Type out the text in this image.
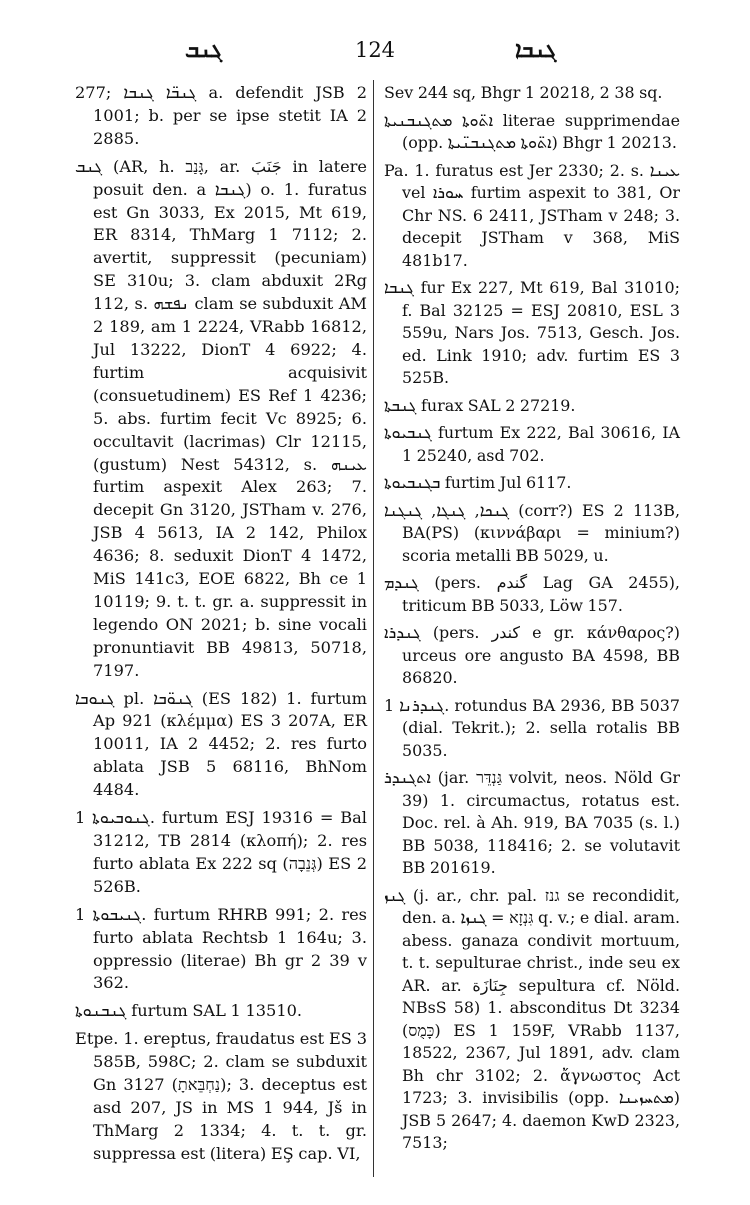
ܓܢܒ	124	ܓܢܒܐ

277; ܓܢܒ̈ܐ ܓܢܒܐ a. defendit JSB 2 1001; b. per se ipse stetit IA 2 2885.

ܓܢܒ (AR, h. גָּנַב, ar. جَنَبَ in latere posuit den. a ܓܢܒܐ) o. 1. furatus est Gn 3033, Ex 2015, Mt 619, ER 8314, ThMarg 1 7112; 2. avertit, suppressit (pecuniam) SE 310u; 3. clam abduxit 2Rg 112, s. ܢܦܫܗ clam se subduxit AM 2 189, am 1 2224, VRabb 16812, Jul 13222, DionT 4 6922; 4. furtim acquisivit (consuetudinem) ES Ref 1 4236; 5. abs. furtim fecit Vc 8925; 6. occultavit (lacrimas) Clr 12115, (gustum) Nest 54312, s. ܥܝܢܗ furtim aspexit Alex 263; 7. decepit Gn 3120, JSTham v. 276, JSB 4 5613, IA 2 142, Philox 4636; 8. seduxit DionT 4 1472, MiS 141c3, EOE 6822, Bh ce 1 10119; 9. t. t. gr. a. suppressit in legendo ON 2021; b. sine vocali pronuntiavit BB 49813, 50718, 7197.

ܓܢܘܒܐ pl. ܓܢܘ̈ܒܐ (ES 182) 1. furtum Ap 921 (κλέμμα) ES 3 207A, ER 10011, IA 2 4452; 2. res furto ablata JSB 5 68116, BhNom 4484.

ܓܢܘܒܝܘܬܐ 1. furtum ESJ 19316 = Bal 31212, TB 2814 (κλοπή); 2. res furto ablata Ex 222 sq (גְּנֵבָה) ES 2 526B.

ܓܢܝܒܘܬܐ 1. furtum RHRB 991; 2. res furto ablata Rechtsb 1 164u; 3. oppressio (literae) Bh gr 2 39 v 362.

ܓܢܒܢܘܬܐ furtum SAL 1 13510.

Etpe. 1. ereptus, fraudatus est ES 3 585B, 598C; 2. clam se subduxit Gn 3127 (נַחְבֵּאתָ); 3. deceptus est asd 207, JS in MS 1 944, Jš in ThMarg 2 1334; 4. t. t. gr. suppressa est (litera) EŞ cap. VI,

Sev 244 sq, Bhgr 1 20218, 2 38 sq.

ܐܬ̈ܘܬܐ ܡܬܓܢܒܢܝܬܐ literae supprimendae (opp. ܐܬ̈ܘܬܐ ܡܬܓܢܒܢ̈ܝܬܐ) Bhgr 1 20213.

Pa. 1. furatus est Jer 2330; 2. s. ܥܝܢܐ vel ܚܘܪܐ furtim aspexit to 381, Or Chr NS. 6 2411, JSTham v 248; 3. decepit JSTham v 368, MiS 481b17.

ܓܢܒܐ fur Ex 227, Mt 619, Bal 31010; f. Bal 32125 = ESJ 20810, ESL 3 559u, Nars Jos. 7513, Gesch. Jos. ed. Link 1910; adv. furtim ES 3 525B.

ܓܢܒܬܐ furax SAL 2 27219.

ܓܢܒܝܘܬܐ furtum Ex 222, Bal 30616, IA 1 25240, asd 702.

ܒܓܢܒܝܘܬܐ furtim Jul 6117.

ܓܢܟܐ, ܓܢܓܐ, ܓܢܓܢܐ (corr?) ES 2 113B, BA(PS) (κιννάβαρι = minium?) scoria metalli BB 5029, u.

ܓܢܕܡ (pers. گندم Lag GA 2455), triticum BB 5033, Löw 157.

ܓܢܕܪܐ (pers. کندر e gr. κάνθαρος?) urceus ore angusto BA 4598, BB 86820.

ܓܢܕܪܢܐ 1. rotundus BA 2936, BB 5037 (dial. Tekrit.); 2. sella rotalis BB 5035.

ܐܬܓܢܕܪ (jar. גַּנְדֵּר volvit, neos. Nöld Gr 39) 1. circumactus, rotatus est. Doc. rel. à Ah. 919, BA 7035 (s. l.) BB 5038, 118416; 2. se volutavit BB 201619.

ܓܢܙ (j. ar., chr. pal. גנז se recondidit, den. a. גִּנְזָא = ܓܢܙܐ q. v.; e dial. aram. abess. ganaza condivit mortuum, t. t. sepulturae christ., inde seu ex AR. ar. جِنَازَة sepultura cf. Nöld. NBsS 58) 1. absconditus Dt 3234 (כָּמֻס) ES 1 159F, VRabb 1137, 18522, 2367, Jul 1891, adv. clam Bh chr 3102; 2. ἄγνωστος Act 1723; 3. invisibilis (opp. ܡܬܚܙܝܢܐ) JSB 5 2647; 4. daemon KwD 2323, 7513;
